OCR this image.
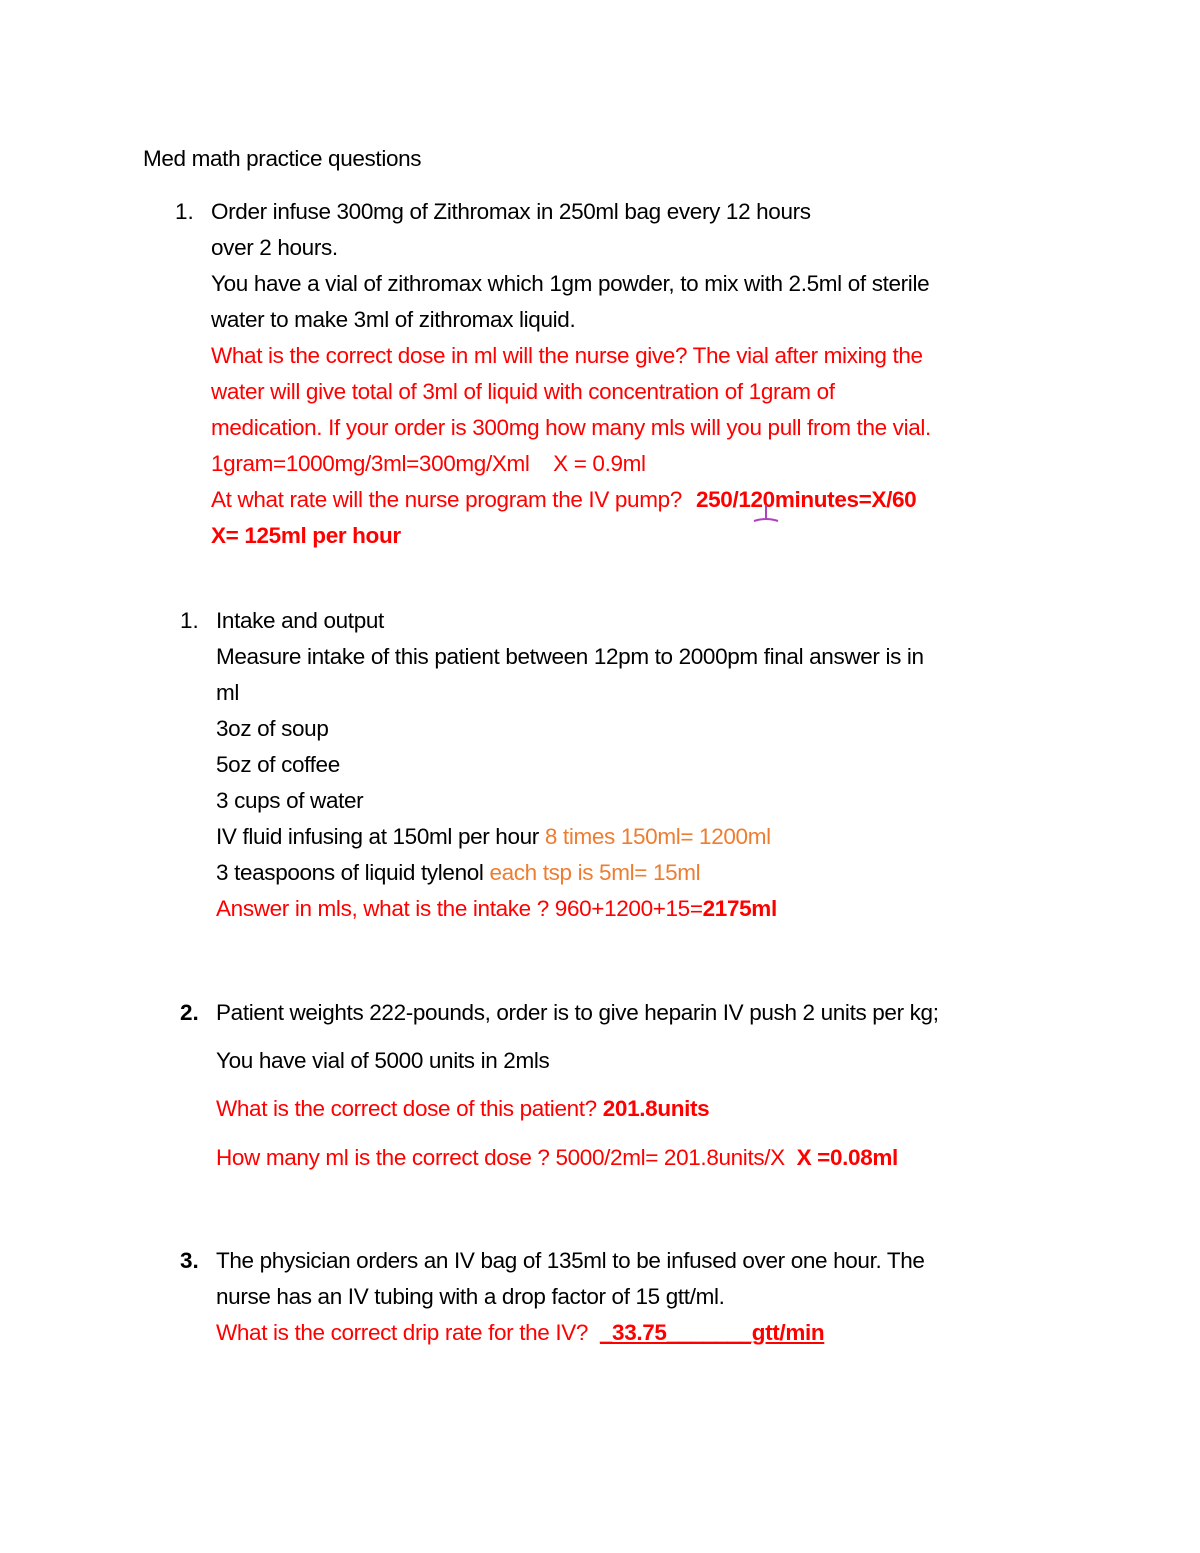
Med math practice questions
1. Order infuse 300mg of Zithromax in 250ml bag every 12 hours
over 2 hours.
You have a vial of zithromax which 1gm powder, to mix with 2.5ml of sterile
water to make 3ml of zithromax liquid.
What is the correct dose in ml will the nurse give? The vial after mixing the
water will give total of 3ml of liquid with concentration of 1gram of
medication. If your order is 300mg how many mls will you pull from the vial.
1gram=1000mg/3ml=300mg/Xml    X = 0.9ml
At what rate will the nurse program the IV pump? 250/120minutes=X/60
X= 125ml per hour
1. Intake and output
Measure intake of this patient between 12pm to 2000pm final answer is in
ml
3oz of soup
5oz of coffee
3 cups of water
IV fluid infusing at 150ml per hour 8 times 150ml= 1200ml
3 teaspoons of liquid tylenol each tsp is 5ml= 15ml
Answer in mls, what is the intake ? 960+1200+15=2175ml
2. Patient weights 222-pounds, order is to give heparin IV push 2 units per kg;
You have vial of 5000 units in 2mls
What is the correct dose of this patient? 201.8units
How many ml is the correct dose ? 5000/2ml= 201.8units/X  X =0.08ml
3. The physician orders an IV bag of 135ml to be infused over one hour. The
nurse has an IV tubing with a drop factor of 15 gtt/ml.
What is the correct drip rate for the IV?  _33.75_______gtt/min
